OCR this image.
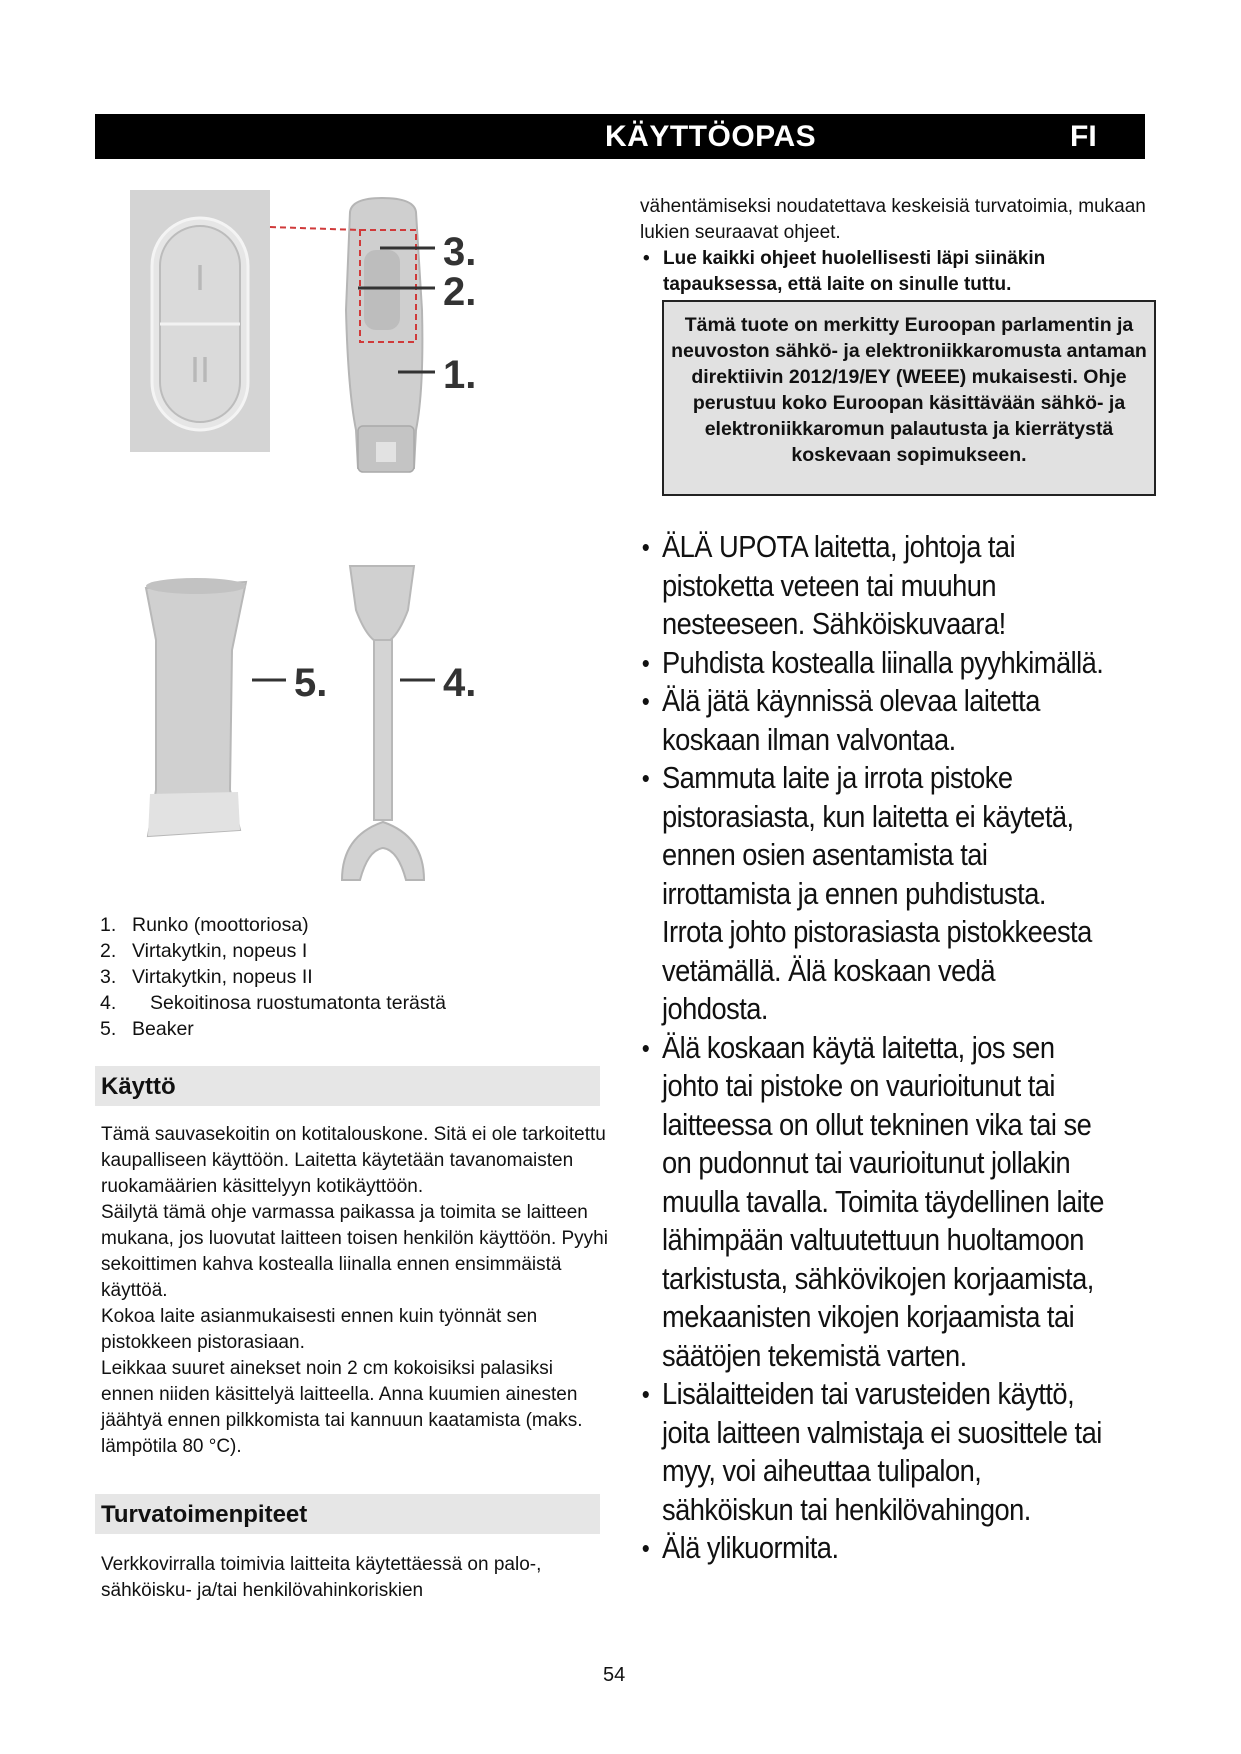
KÄYTTÖOPAS	FI
I
II
3.
2.
1.
5.	4.
1. Runko (moottoriosa)
2. Virtakytkin, nopeus I
3. Virtakytkin, nopeus II
4. Sekoitinosa ruostumatonta terästä
5. Beaker
Käyttö

Tämä sauvasekoitin on kotitalouskone. Sitä ei ole tarkoitettu kaupalliseen käyttöön. Laitetta käytetään tavanomaisten ruokamäärien käsittelyyn kotikäyttöön.

Säilytä tämä ohje varmassa paikassa ja toimita se laitteen mukana, jos luovutat laitteen toisen henkilön käyttöön. Pyyhi sekoittimen kahva kostealla liinalla ennen ensimmäistä käyttöä.

Kokoa laite asianmukaisesti ennen kuin työnnät sen pistokkeen pistorasiaan.

Leikkaa suuret ainekset noin 2 cm kokoisiksi palasiksi ennen niiden käsittelyä laitteella. Anna kuumien ainesten jäähtyä ennen pilkkomista tai kannuun kaatamista (maks. lämpötila 80 °C).

Turvatoimenpiteet

Verkkovirralla toimivia laitteita käytettäessä on palo-, sähköisku- ja/tai henkilövahinkoriskien

vähentämiseksi noudatettava keskeisiä turvatoimia, mukaan lukien seuraavat ohjeet.

• Lue kaikki ohjeet huolellisesti läpi siinäkin tapauksessa, että laite on sinulle tuttu.

Tämä tuote on merkitty Euroopan parlamentin ja neuvoston sähkö- ja elektroniikkaromusta antaman direktiivin 2012/19/EY (WEEE) mukaisesti. Ohje perustuu koko Euroopan käsittävään sähkö- ja elektroniikkaromun palautusta ja kierrätystä koskevaan sopimukseen.
• ÄLÄ UPOTA laitetta, johtoja tai pistoketta veteen tai muuhun nesteeseen. Sähköiskuvaara!
• Puhdista kostealla liinalla pyyhkimällä.
• Älä jätä käynnissä olevaa laitetta koskaan ilman valvontaa.
• Sammuta laite ja irrota pistoke pistorasiasta, kun laitetta ei käytetä, ennen osien asentamista tai irrottamista ja ennen puhdistusta. Irrota johto pistorasiasta pistokkeesta vetämällä. Älä koskaan vedä johdosta.
• Älä koskaan käytä laitetta, jos sen johto tai pistoke on vaurioitunut tai laitteessa on ollut tekninen vika tai se on pudonnut tai vaurioitunut jollakin muulla tavalla. Toimita täydellinen laite lähimpään valtuutettuun huoltamoon tarkistusta, sähkövikojen korjaamista, mekaanisten vikojen korjaamista tai säätöjen tekemistä varten.
• Lisälaitteiden tai varusteiden käyttö, joita laitteen valmistaja ei suosittele tai myy, voi aiheuttaa tulipalon, sähköiskun tai henkilövahingon.
• Älä ylikuormita.
54
